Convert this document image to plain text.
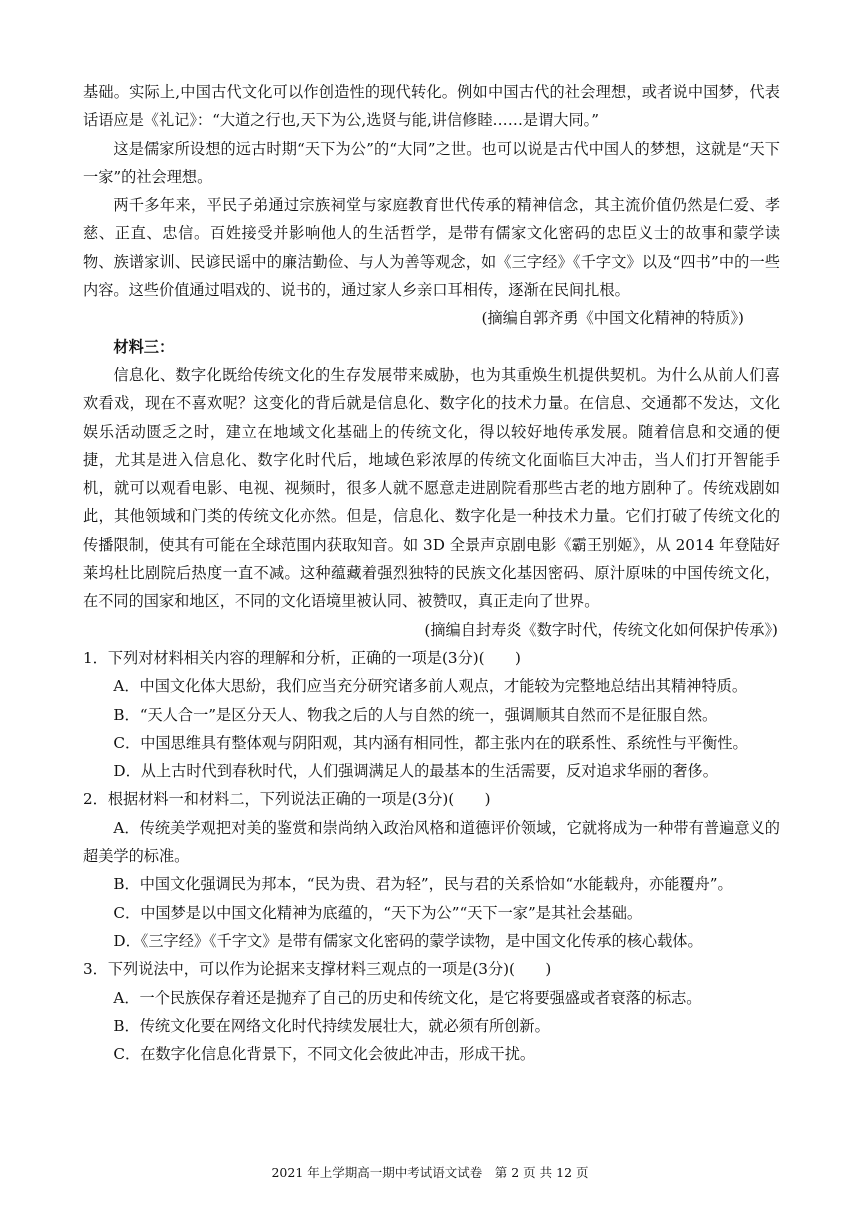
基础。实际上,中国古代文化可以作创造性的现代转化。例如中国古代的社会理想，或者说中国梦，代表话语应是《礼记》：“大道之行也,天下为公,选贤与能,讲信修睦……是谓大同。”

这是儒家所设想的远古时期“天下为公”的“大同”之世。也可以说是古代中国人的梦想，这就是“天下一家”的社会理想。

两千多年来，平民子弟通过宗族祠堂与家庭教育世代传承的精神信念，其主流价值仍然是仁爱、孝慈、正直、忠信。百姓接受并影响他人的生活哲学，是带有儒家文化密码的忠臣义士的故事和蒙学读物、族谱家训、民谚民谣中的廉洁勤俭、与人为善等观念，如《三字经》《千字文》以及“四书”中的一些内容。这些价值通过唱戏的、说书的，通过家人乡亲口耳相传，逐渐在民间扎根。

(摘编自郭齐勇《中国文化精神的特质》)

材料三：

信息化、数字化既给传统文化的生存发展带来威胁，也为其重焕生机提供契机。为什么从前人们喜欢看戏，现在不喜欢呢？这变化的背后就是信息化、数字化的技术力量。在信息、交通都不发达，文化娱乐活动匮乏之时，建立在地域文化基础上的传统文化，得以较好地传承发展。随着信息和交通的便捷，尤其是进入信息化、数字化时代后，地域色彩浓厚的传统文化面临巨大冲击，当人们打开智能手机，就可以观看电影、电视、视频时，很多人就不愿意走进剧院看那些古老的地方剧种了。传统戏剧如此，其他领域和门类的传统文化亦然。但是，信息化、数字化是一种技术力量。它们打破了传统文化的传播限制，使其有可能在全球范围内获取知音。如 3D 全景声京剧电影《霸王别姬》，从 2014 年登陆好莱坞杜比剧院后热度一直不减。这种蕴藏着强烈独特的民族文化基因密码、原汁原味的中国传统文化，在不同的国家和地区，不同的文化语境里被认同、被赞叹，真正走向了世界。

(摘编自封寿炎《数字时代，传统文化如何保护传承》)

1．下列对材料相关内容的理解和分析，正确的一项是(3分)(　　)

A．中国文化体大思紛，我们应当充分研究诸多前人观点，才能较为完整地总结出其精神特质。

B．“天人合一”是区分天人、物我之后的人与自然的统一，强调顺其自然而不是征服自然。

C．中国思维具有整体观与阴阳观，其内涵有相同性，都主张内在的联系性、系统性与平衡性。

D．从上古时代到春秋时代，人们强调满足人的最基本的生活需要，反对追求华丽的奢侈。

2．根据材料一和材料二，下列说法正确的一项是(3分)(　　)

A．传统美学观把对美的鉴赏和崇尚纳入政治风格和道德评价领域，它就将成为一种带有普遍意义的超美学的标准。

B．中国文化强调民为邦本，“民为贵、君为轻”，民与君的关系恰如“水能载舟，亦能覆舟”。

C．中国梦是以中国文化精神为底蕴的，“天下为公”“天下一家”是其社会基础。

D．《三字经》《千字文》是带有儒家文化密码的蒙学读物，是中国文化传承的核心载体。

3．下列说法中，可以作为论据来支撑材料三观点的一项是(3分)(　　)

A．一个民族保存着还是抛弃了自己的历史和传统文化，是它将要强盛或者衰落的标志。

B．传统文化要在网络文化时代持续发展壮大，就必须有所创新。

C．在数字化信息化背景下，不同文化会彼此冲击，形成干扰。

2021 年上学期高一期中考试语文试卷　第 2 页 共 12 页
